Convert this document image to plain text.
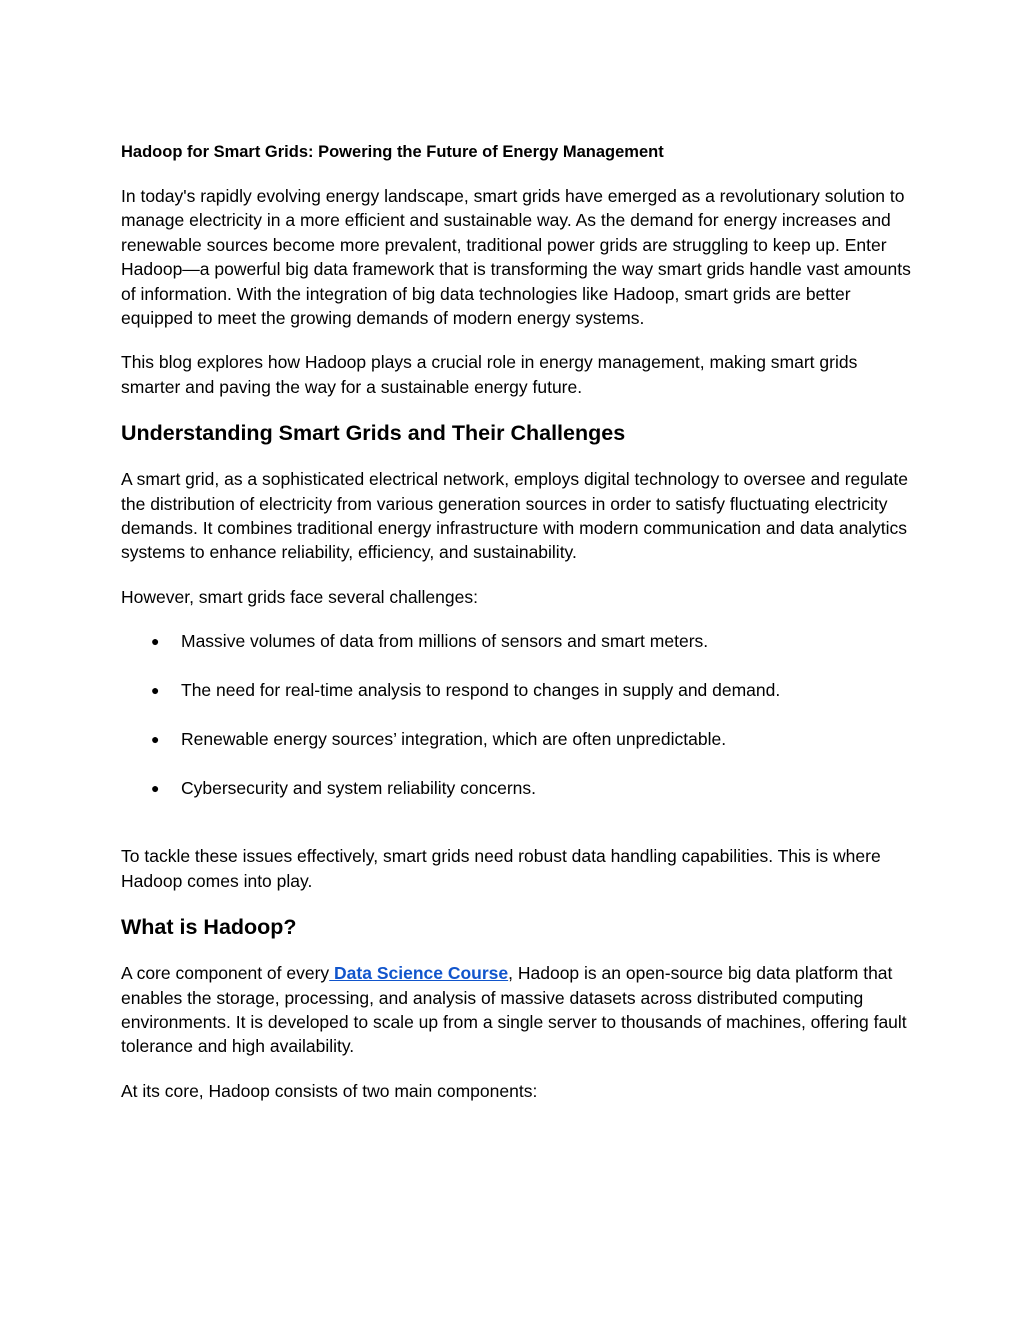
Hadoop for Smart Grids: Powering the Future of Energy Management

In today's rapidly evolving energy landscape, smart grids have emerged as a revolutionary solution to manage electricity in a more efficient and sustainable way. As the demand for energy increases and renewable sources become more prevalent, traditional power grids are struggling to keep up. Enter Hadoop—a powerful big data framework that is transforming the way smart grids handle vast amounts of information. With the integration of big data technologies like Hadoop, smart grids are better equipped to meet the growing demands of modern energy systems.

This blog explores how Hadoop plays a crucial role in energy management, making smart grids smarter and paving the way for a sustainable energy future.

Understanding Smart Grids and Their Challenges

A smart grid, as a sophisticated electrical network, employs digital technology to oversee and regulate the distribution of electricity from various generation sources in order to satisfy fluctuating electricity demands. It combines traditional energy infrastructure with modern communication and data analytics systems to enhance reliability, efficiency, and sustainability.

However, smart grids face several challenges:

● Massive volumes of data from millions of sensors and smart meters.
● The need for real-time analysis to respond to changes in supply and demand.
● Renewable energy sources’ integration, which are often unpredictable.
● Cybersecurity and system reliability concerns.

To tackle these issues effectively, smart grids need robust data handling capabilities. This is where Hadoop comes into play.

What is Hadoop?

A core component of every Data Science Course, Hadoop is an open-source big data platform that enables the storage, processing, and analysis of massive datasets across distributed computing environments. It is developed to scale up from a single server to thousands of machines, offering fault tolerance and high availability.

At its core, Hadoop consists of two main components:
